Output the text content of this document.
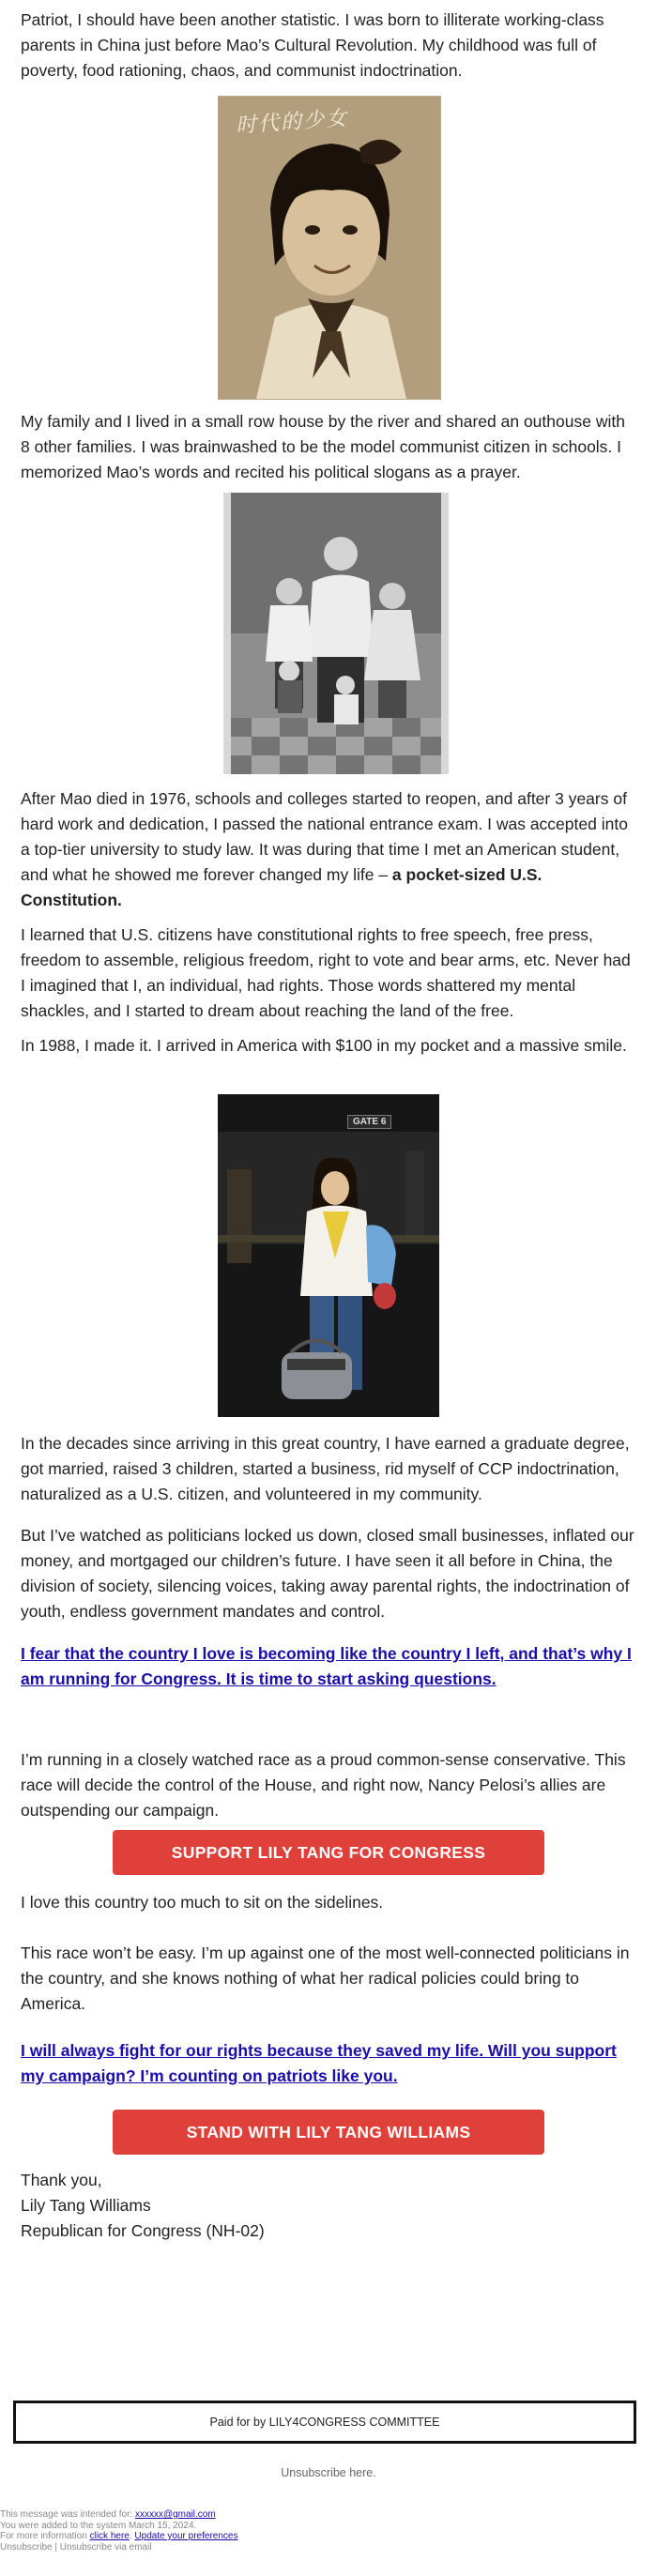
Patriot, I should have been another statistic. I was born to illiterate working-class parents in China just before Mao’s Cultural Revolution. My childhood was full of poverty, food rationing, chaos, and communist indoctrination.

时代的少女

My family and I lived in a small row house by the river and shared an outhouse with 8 other families. I was brainwashed to be the model communist citizen in schools. I memorized Mao’s words and recited his political slogans as a prayer.

After Mao died in 1976, schools and colleges started to reopen, and after 3 years of hard work and dedication, I passed the national entrance exam. I was accepted into a top-tier university to study law. It was during that time I met an American student, and what he showed me forever changed my life – a pocket-sized U.S. Constitution.

I learned that U.S. citizens have constitutional rights to free speech, free press, freedom to assemble, religious freedom, right to vote and bear arms, etc. Never had I imagined that I, an individual, had rights. Those words shattered my mental shackles, and I started to dream about reaching the land of the free.

In 1988, I made it. I arrived in America with $100 in my pocket and a massive smile.

GATE 6

In the decades since arriving in this great country, I have earned a graduate degree, got married, raised 3 children, started a business, rid myself of CCP indoctrination, naturalized as a U.S. citizen, and volunteered in my community.

But I’ve watched as politicians locked us down, closed small businesses, inflated our money, and mortgaged our children’s future. I have seen it all before in China, the division of society, silencing voices, taking away parental rights, the indoctrination of youth, endless government mandates and control.

I fear that the country I love is becoming like the country I left, and that’s why I am running for Congress. It is time to start asking questions.

I’m running in a closely watched race as a proud common-sense conservative. This race will decide the control of the House, and right now, Nancy Pelosi’s allies are outspending our campaign.

SUPPORT LILY TANG FOR CONGRESS

I love this country too much to sit on the sidelines.

This race won’t be easy. I’m up against one of the most well-connected politicians in the country, and she knows nothing of what her radical policies could bring to America.

I will always fight for our rights because they saved my life. Will you support my campaign? I’m counting on patriots like you.
STAND WITH LILY TANG WILLIAMS
Thank you,
Lily Tang Williams
Republican for Congress (NH-02)
Paid for by LILY4CONGRESS COMMITTEE
Unsubscribe here.
This message was intended for: xxxxxx@gmail.com
You were added to the system March 15, 2024.
For more information click here. Update your preferences
Unsubscribe | Unsubscribe via email
